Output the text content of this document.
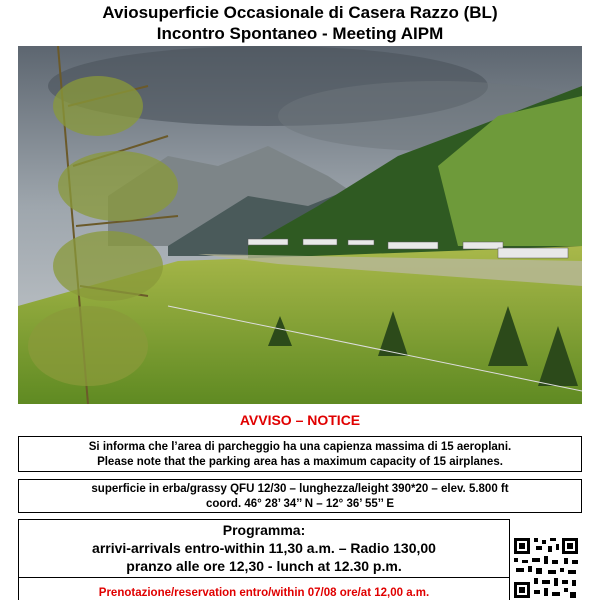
Aviosuperficie Occasionale di Casera Razzo (BL)
Incontro Spontaneo - Meeting AIPM
AVVISO – NOTICE
Si informa che l’area di parcheggio ha una capienza massima di 15 aeroplani.
Please note that the parking area has a maximum capacity of 15 airplanes.
superficie in erba/grassy QFU 12/30 – lunghezza/leight 390*20 – elev. 5.800 ft
coord. 46° 28’ 34’’ N – 12° 36’ 55’’ E
Programma:
arrivi-arrivals entro-within 11,30 a.m. – Radio 130,00
pranzo alle ore 12,30 - lunch at 12.30 p.m.
Prenotazione/reservation entro/within 07/08 ore/at 12,00 a.m.
